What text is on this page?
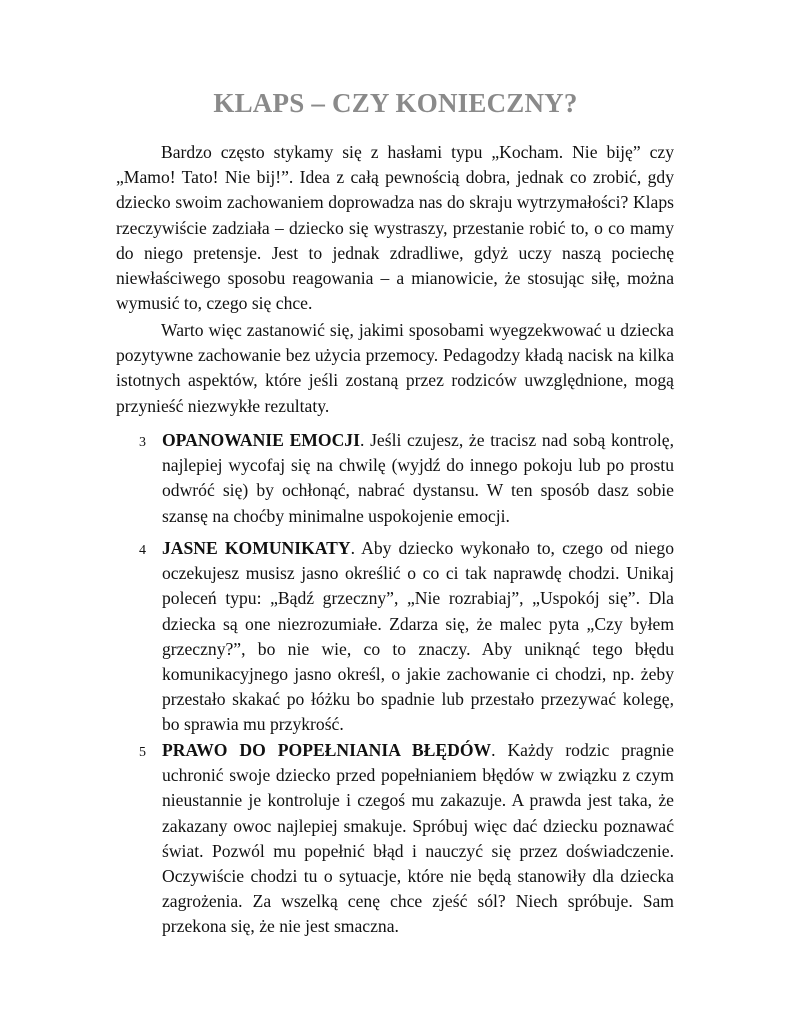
KLAPS – CZY KONIECZNY?

Bardzo często stykamy się z hasłami typu „Kocham. Nie biję” czy „Mamo! Tato! Nie bij!”. Idea z całą pewnością dobra, jednak co zrobić, gdy dziecko swoim zachowaniem doprowadza nas do skraju wytrzymałości? Klaps rzeczywiście zadziała – dziecko się wystraszy, przestanie robić to, o co mamy do niego pretensje. Jest to jednak zdradliwe, gdyż uczy naszą pociechę niewłaściwego sposobu reagowania – a mianowicie, że stosując siłę, można wymusić to, czego się chce.

Warto więc zastanowić się, jakimi sposobami wyegzekwować u dziecka pozytywne zachowanie bez użycia przemocy. Pedagodzy kładą nacisk na kilka istotnych aspektów, które jeśli zostaną przez rodziców uwzględnione, mogą przynieść niezwykłe rezultaty.

3 OPANOWANIE EMOCJI. Jeśli czujesz, że tracisz nad sobą kontrolę, najlepiej wycofaj się na chwilę (wyjdź do innego pokoju lub po prostu odwróć się) by ochłonąć, nabrać dystansu. W ten sposób dasz sobie szansę na choćby minimalne uspokojenie emocji.

4 JASNE KOMUNIKATY. Aby dziecko wykonało to, czego od niego oczekujesz musisz jasno określić o co ci tak naprawdę chodzi. Unikaj poleceń typu: „Bądź grzeczny”, „Nie rozrabiaj”, „Uspokój się”. Dla dziecka są one niezrozumiałe. Zdarza się, że malec pyta „Czy byłem grzeczny?”, bo nie wie, co to znaczy. Aby uniknąć tego błędu komunikacyjnego jasno określ, o jakie zachowanie ci chodzi, np. żeby przestało skakać po łóżku bo spadnie lub przestało przezywać kolegę, bo sprawia mu przykrość.

5 PRAWO DO POPEŁNIANIA BŁĘDÓW. Każdy rodzic pragnie uchronić swoje dziecko przed popełnianiem błędów w związku z czym nieustannie je kontroluje i czegoś mu zakazuje. A prawda jest taka, że zakazany owoc najlepiej smakuje. Spróbuj więc dać dziecku poznawać świat. Pozwól mu popełnić błąd i nauczyć się przez doświadczenie. Oczywiście chodzi tu o sytuacje, które nie będą stanowiły dla dziecka zagrożenia. Za wszelką cenę chce zjeść sól? Niech spróbuje. Sam przekona się, że nie jest smaczna.
